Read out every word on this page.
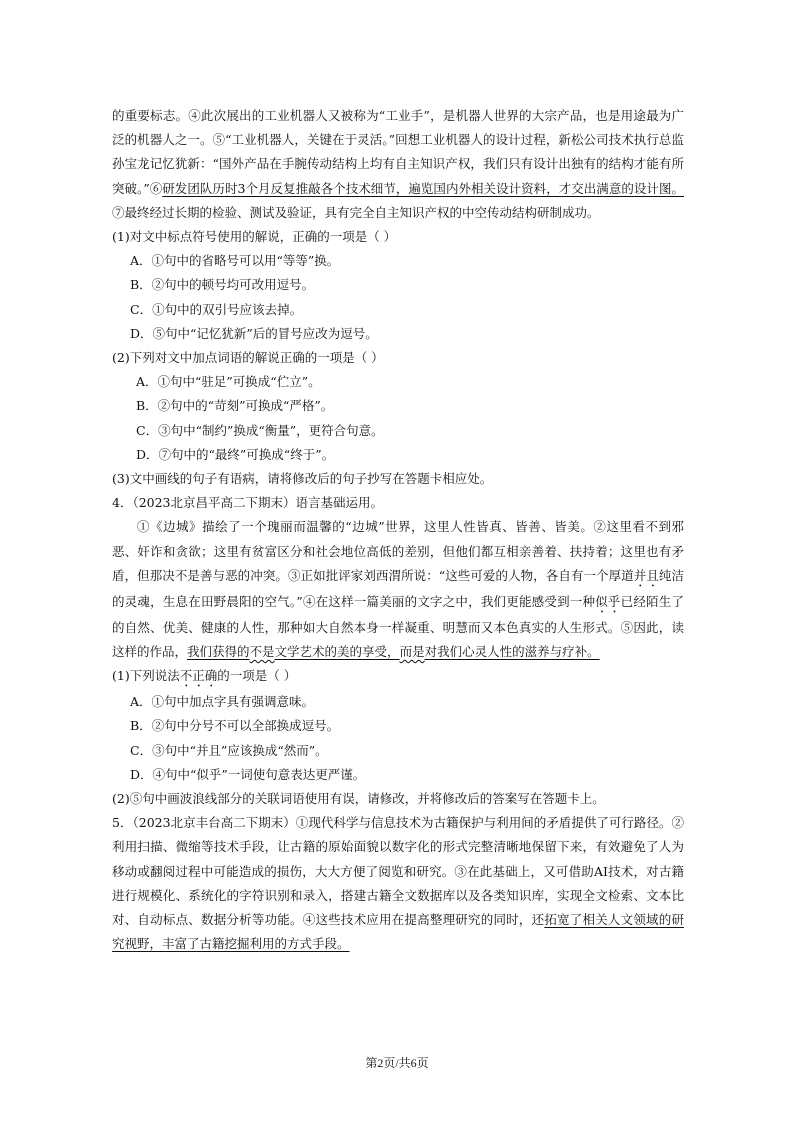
的重要标志。④此次展出的工业机器人又被称为“工业手”，是机器人世界的大宗产品，也是用途最为广泛的机器人之一。⑤“工业机器人，关键在于灵活。”回想工业机器人的设计过程，新松公司技术执行总监孙宝龙记忆犹新：“国外产品在手腕传动结构上均有自主知识产权，我们只有设计出独有的结构才能有所突破。”⑥研发团队历时3个月反复推敲各个技术细节，遍览国内外相关设计资料，才交出满意的设计图。⑦最终经过长期的检验、测试及验证，具有完全自主知识产权的中空传动结构研制成功。

(1)对文中标点符号使用的解说，正确的一项是（ ）

A．①句中的省略号可以用“等等”换。

B．②句中的顿号均可改用逗号。

C．①句中的双引号应该去掉。

D．⑤句中“记忆犹新”后的冒号应改为逗号。

(2)下列对文中加点词语的解说正确的一项是（ ）

A．①句中“驻足”可换成“伫立”。

B．②句中的“苛刻”可换成“严格”。

C．③句中“制约”换成“衡量”，更符合句意。

D．⑦句中的“最终”可换成“终于”。

(3)文中画线的句子有语病，请将修改后的句子抄写在答题卡相应处。

4．（2023北京昌平高二下期末）语言基础运用。

①《边城》描绘了一个瑰丽而温馨的“边城”世界，这里人性皆真、皆善、皆美。②这里看不到邪恶、奸诈和贪欲；这里有贫富区分和社会地位高低的差别，但他们都互相亲善着、扶持着；这里也有矛盾，但那决不是善与恶的冲突。③正如批评家刘西渭所说：“这些可爱的人物，各自有一个厚道并且纯洁的灵魂，生息在田野晨阳的空气。”④在这样一篇美丽的文字之中，我们更能感受到一种似乎已经陌生了的自然、优美、健康的人性，那种如大自然本身一样凝重、明慧而又本色真实的人生形式。⑤因此，读这样的作品，我们获得的不是文学艺术的美的享受，而是对我们心灵人性的滋养与疗补。

(1)下列说法不正确的一项是（ ）

A．①句中加点字具有强调意味。

B．②句中分号不可以全部换成逗号。

C．③句中“并且”应该换成“然而”。

D．④句中“似乎”一词使句意表达更严谨。

(2)⑤句中画波浪线部分的关联词语使用有误，请修改，并将修改后的答案写在答题卡上。

5．（2023北京丰台高二下期末）①现代科学与信息技术为古籍保护与利用间的矛盾提供了可行路径。②利用扫描、微缩等技术手段，让古籍的原始面貌以数字化的形式完整清晰地保留下来，有效避免了人为移动或翻阅过程中可能造成的损伤，大大方便了阅览和研究。③在此基础上，又可借助AI技术，对古籍进行规模化、系统化的字符识别和录入，搭建古籍全文数据库以及各类知识库，实现全文检索、文本比对、自动标点、数据分析等功能。④这些技术应用在提高整理研究的同时，还拓宽了相关人文领域的研究视野，丰富了古籍挖掘利用的方式手段。

第2页/共6页
